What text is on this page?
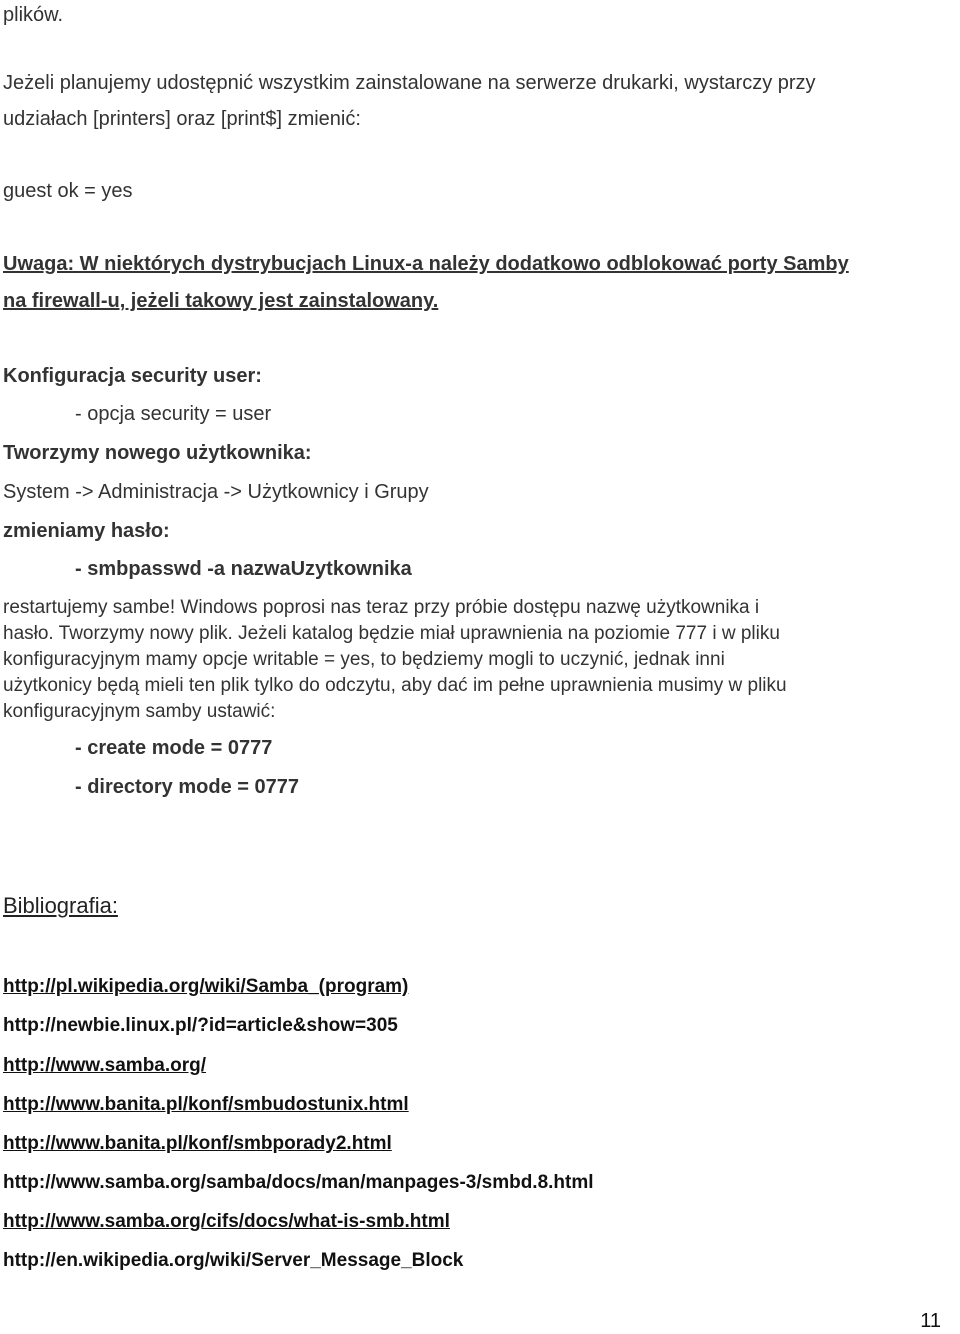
plików.
Jeżeli planujemy udostępnić wszystkim zainstalowane na serwerze drukarki, wystarczy przy
udziałach [printers] oraz [print$] zmienić:
guest ok = yes
Uwaga: W niektórych dystrybucjach Linux-a należy dodatkowo odblokować porty Samby
na firewall-u, jeżeli takowy jest zainstalowany.
Konfiguracja security user:
- opcja security = user
Tworzymy nowego użytkownika:
System -> Administracja -> Użytkownicy i Grupy
zmieniamy hasło:
- smbpasswd -a nazwaUzytkownika
restartujemy sambe! Windows poprosi nas teraz przy próbie dostępu nazwę użytkownika i
hasło. Tworzymy nowy plik. Jeżeli katalog będzie miał uprawnienia na poziomie 777 i w pliku
konfiguracyjnym mamy opcje writable = yes, to będziemy mogli to uczynić, jednak inni
użytkonicy będą mieli ten plik tylko do odczytu, aby dać im pełne uprawnienia musimy w pliku
konfiguracyjnym samby ustawić:
- create mode = 0777
- directory mode = 0777
Bibliografia:
http://pl.wikipedia.org/wiki/Samba_(program)
http://newbie.linux.pl/?id=article&show=305
http://www.samba.org/
http://www.banita.pl/konf/smbudostunix.html
http://www.banita.pl/konf/smbporady2.html
http://www.samba.org/samba/docs/man/manpages-3/smbd.8.html
http://www.samba.org/cifs/docs/what-is-smb.html
http://en.wikipedia.org/wiki/Server_Message_Block
11
